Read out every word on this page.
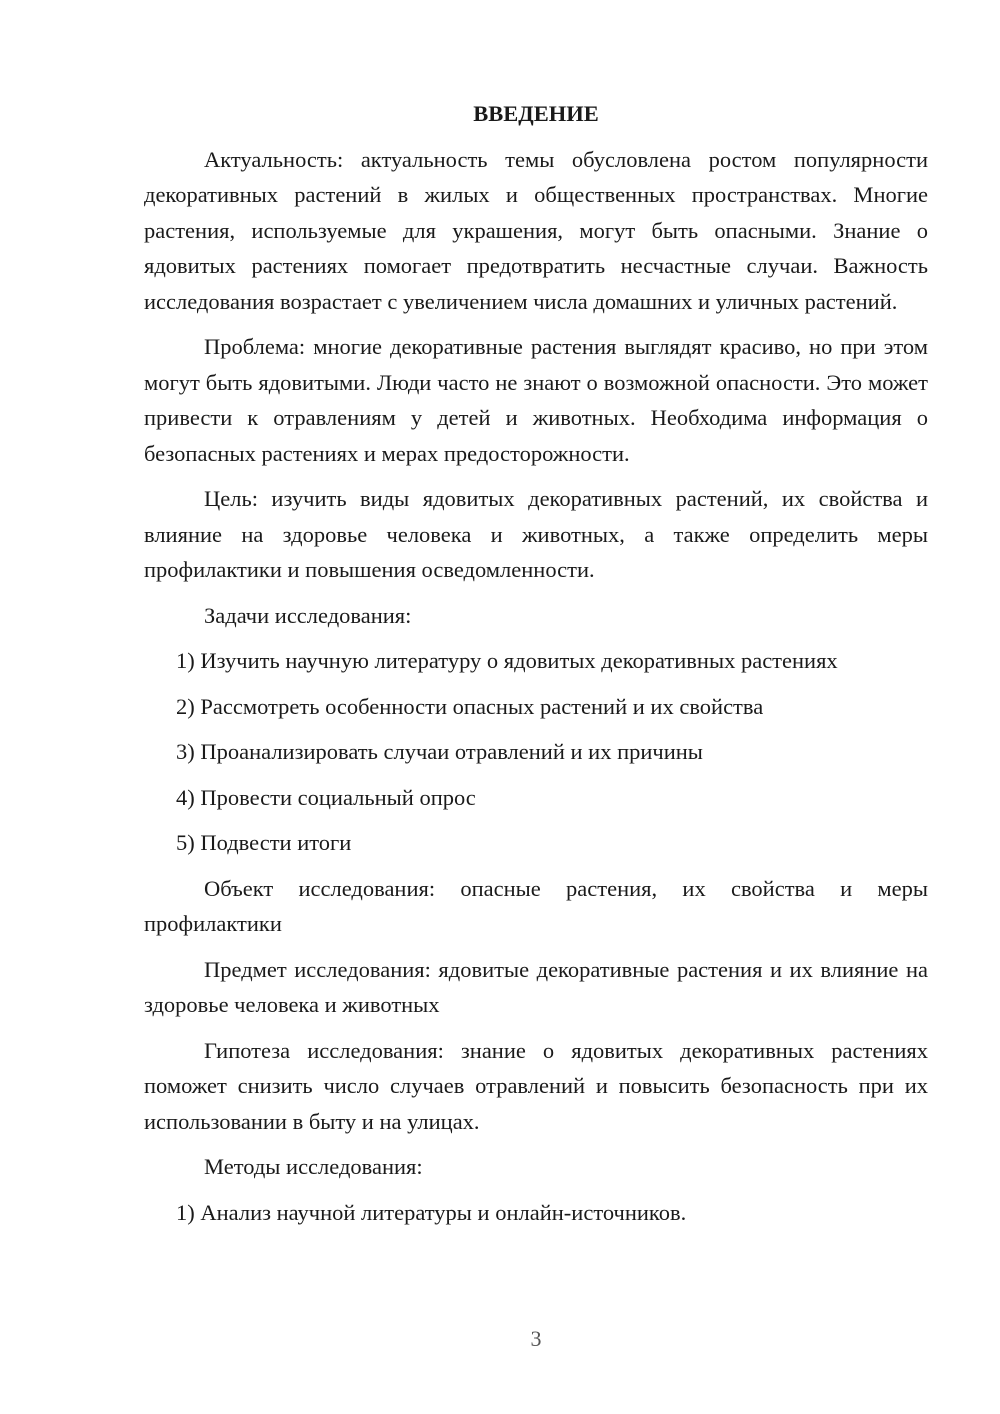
ВВЕДЕНИЕ
Актуальность: актуальность темы обусловлена ростом популярности декоративных растений в жилых и общественных пространствах. Многие растения, используемые для украшения, могут быть опасными. Знание о ядовитых растениях помогает предотвратить несчастные случаи. Важность исследования возрастает с увеличением числа домашних и уличных растений.
Проблема: многие декоративные растения выглядят красиво, но при этом могут быть ядовитыми. Люди часто не знают о возможной опасности. Это может привести к отравлениям у детей и животных. Необходима информация о безопасных растениях и мерах предосторожности.
Цель: изучить виды ядовитых декоративных растений, их свойства и влияние на здоровье человека и животных, а также определить меры профилактики и повышения осведомленности.
Задачи исследования:
1) Изучить научную литературу о ядовитых декоративных растениях
2) Рассмотреть особенности опасных растений и их свойства
3) Проанализировать случаи отравлений и их причины
4) Провести социальный опрос
5) Подвести итоги
Объект исследования: опасные растения, их свойства и меры профилактики
Предмет исследования: ядовитые декоративные растения и их влияние на здоровье человека и животных
Гипотеза исследования: знание о ядовитых декоративных растениях поможет снизить число случаев отравлений и повысить безопасность при их использовании в быту и на улицах.
Методы исследования:
1) Анализ научной литературы и онлайн-источников.
3
